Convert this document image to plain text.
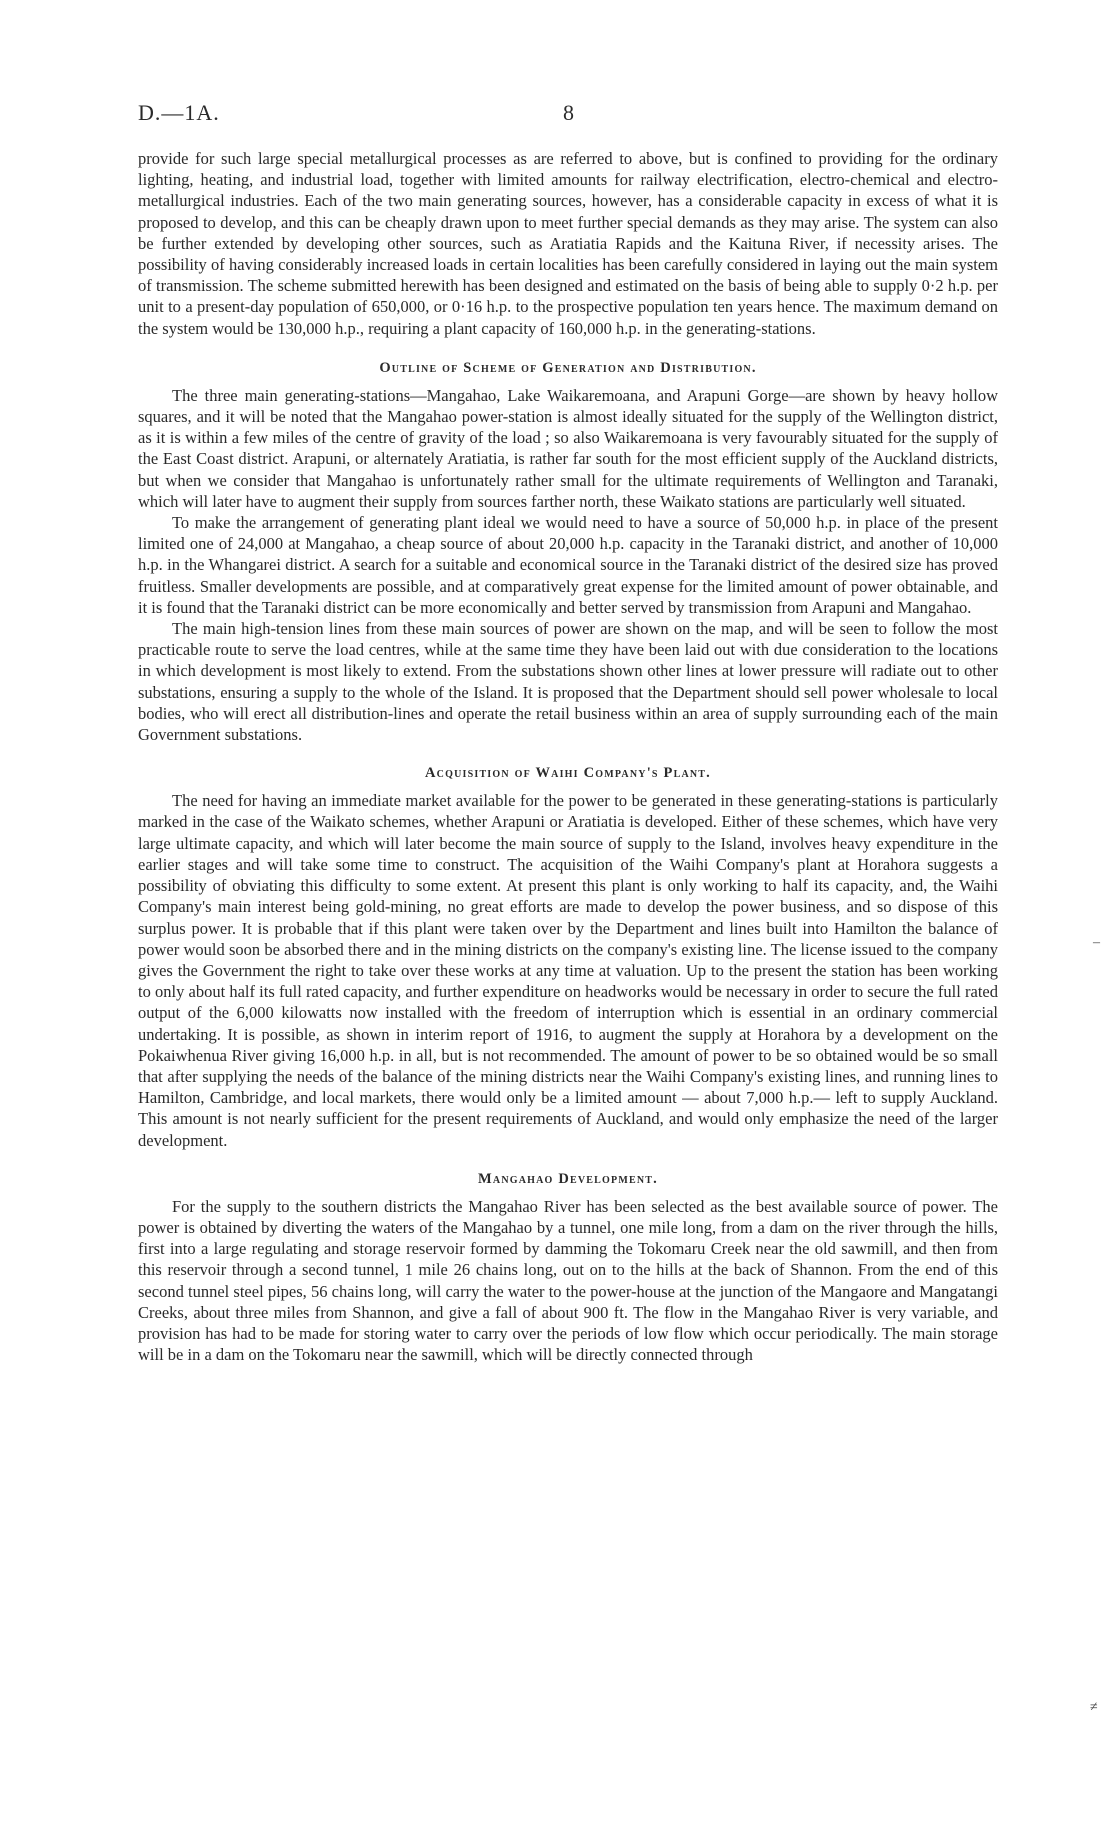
D.—1A.	8

provide for such large special metallurgical processes as are referred to above, but is confined to providing for the ordinary lighting, heating, and industrial load, together with limited amounts for railway electrification, electro-chemical and electro-metallurgical industries. Each of the two main generating sources, however, has a considerable capacity in excess of what it is proposed to develop, and this can be cheaply drawn upon to meet further special demands as they may arise. The system can also be further extended by developing other sources, such as Aratiatia Rapids and the Kaituna River, if necessity arises. The possibility of having considerably increased loads in certain localities has been carefully considered in laying out the main system of transmission. The scheme submitted herewith has been designed and estimated on the basis of being able to supply 0·2 h.p. per unit to a present-day population of 650,000, or 0·16 h.p. to the prospective population ten years hence. The maximum demand on the system would be 130,000 h.p., requiring a plant capacity of 160,000 h.p. in the generating-stations.

Outline of Scheme of Generation and Distribution.

The three main generating-stations—Mangahao, Lake Waikaremoana, and Arapuni Gorge—are shown by heavy hollow squares, and it will be noted that the Mangahao power-station is almost ideally situated for the supply of the Wellington district, as it is within a few miles of the centre of gravity of the load ; so also Waikaremoana is very favourably situated for the supply of the East Coast district. Arapuni, or alternately Aratiatia, is rather far south for the most efficient supply of the Auckland districts, but when we consider that Mangahao is unfortunately rather small for the ultimate requirements of Wellington and Taranaki, which will later have to augment their supply from sources farther north, these Waikato stations are particularly well situated.

To make the arrangement of generating plant ideal we would need to have a source of 50,000 h.p. in place of the present limited one of 24,000 at Mangahao, a cheap source of about 20,000 h.p. capacity in the Taranaki district, and another of 10,000 h.p. in the Whangarei district. A search for a suitable and economical source in the Taranaki district of the desired size has proved fruitless. Smaller developments are possible, and at comparatively great expense for the limited amount of power obtainable, and it is found that the Taranaki district can be more economically and better served by transmission from Arapuni and Mangahao.

The main high-tension lines from these main sources of power are shown on the map, and will be seen to follow the most practicable route to serve the load centres, while at the same time they have been laid out with due consideration to the locations in which development is most likely to extend. From the substations shown other lines at lower pressure will radiate out to other substations, ensuring a supply to the whole of the Island. It is proposed that the Department should sell power wholesale to local bodies, who will erect all distribution-lines and operate the retail business within an area of supply surrounding each of the main Government substations.

Acquisition of Waihi Company's Plant.

The need for having an immediate market available for the power to be generated in these generating-stations is particularly marked in the case of the Waikato schemes, whether Arapuni or Aratiatia is developed. Either of these schemes, which have very large ultimate capacity, and which will later become the main source of supply to the Island, involves heavy expenditure in the earlier stages and will take some time to construct. The acquisition of the Waihi Company's plant at Horahora suggests a possibility of obviating this difficulty to some extent. At present this plant is only working to half its capacity, and, the Waihi Company's main interest being gold-mining, no great efforts are made to develop the power business, and so dispose of this surplus power. It is probable that if this plant were taken over by the Department and lines built into Hamilton the balance of power would soon be absorbed there and in the mining districts on the company's existing line. The license issued to the company gives the Government the right to take over these works at any time at valuation. Up to the present the station has been working to only about half its full rated capacity, and further expenditure on headworks would be necessary in order to secure the full rated output of the 6,000 kilowatts now installed with the freedom of interruption which is essential in an ordinary commercial undertaking. It is possible, as shown in interim report of 1916, to augment the supply at Horahora by a development on the Pokaiwhenua River giving 16,000 h.p. in all, but is not recommended. The amount of power to be so obtained would be so small that after supplying the needs of the balance of the mining districts near the Waihi Company's existing lines, and running lines to Hamilton, Cambridge, and local markets, there would only be a limited amount — about 7,000 h.p.— left to supply Auckland. This amount is not nearly sufficient for the present requirements of Auckland, and would only emphasize the need of the larger development.

Mangahao Development.

For the supply to the southern districts the Mangahao River has been selected as the best available source of power. The power is obtained by diverting the waters of the Mangahao by a tunnel, one mile long, from a dam on the river through the hills, first into a large regulating and storage reservoir formed by damming the Tokomaru Creek near the old sawmill, and then from this reservoir through a second tunnel, 1 mile 26 chains long, out on to the hills at the back of Shannon. From the end of this second tunnel steel pipes, 56 chains long, will carry the water to the power-house at the junction of the Mangaore and Mangatangi Creeks, about three miles from Shannon, and give a fall of about 900 ft. The flow in the Mangahao River is very variable, and provision has had to be made for storing water to carry over the periods of low flow which occur periodically. The main storage will be in a dam on the Tokomaru near the sawmill, which will be directly connected through

‒
≠
